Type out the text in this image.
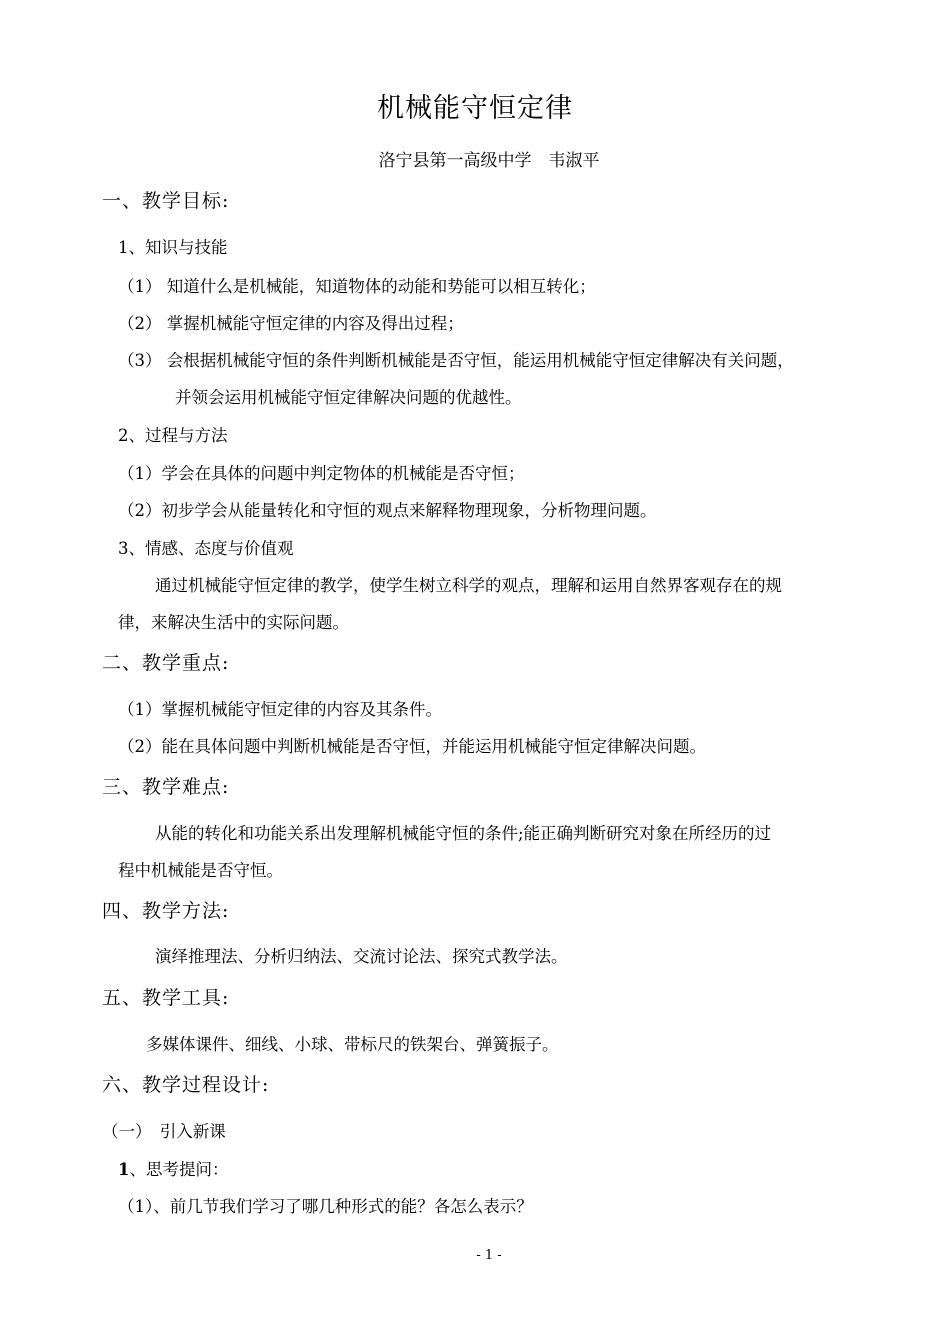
机械能守恒定律
洛宁县第一高级中学　韦淑平
一、教学目标:
1、知识与技能
（1） 知道什么是机械能，知道物体的动能和势能可以相互转化；
（2） 掌握机械能守恒定律的内容及得出过程；
（3） 会根据机械能守恒的条件判断机械能是否守恒，能运用机械能守恒定律解决有关问题，
并领会运用机械能守恒定律解决问题的优越性。
2、过程与方法
（1）学会在具体的问题中判定物体的机械能是否守恒；
（2）初步学会从能量转化和守恒的观点来解释物理现象，分析物理问题。
3、情感、态度与价值观
通过机械能守恒定律的教学，使学生树立科学的观点，理解和运用自然界客观存在的规
律，来解决生活中的实际问题。
二、教学重点:
（1）掌握机械能守恒定律的内容及其条件。
（2）能在具体问题中判断机械能是否守恒，并能运用机械能守恒定律解决问题。
三、教学难点:
从能的转化和功能关系出发理解机械能守恒的条件;能正确判断研究对象在所经历的过
程中机械能是否守恒。
四、教学方法:
演绎推理法、分析归纳法、交流讨论法、探究式教学法。
五、教学工具:
多媒体课件、细线、小球、带标尺的铁架台、弹簧振子。
六、教学过程设计:
（一）　引入新课
1、思考提问：
（1）、前几节我们学习了哪几种形式的能？各怎么表示？
- 1 -
